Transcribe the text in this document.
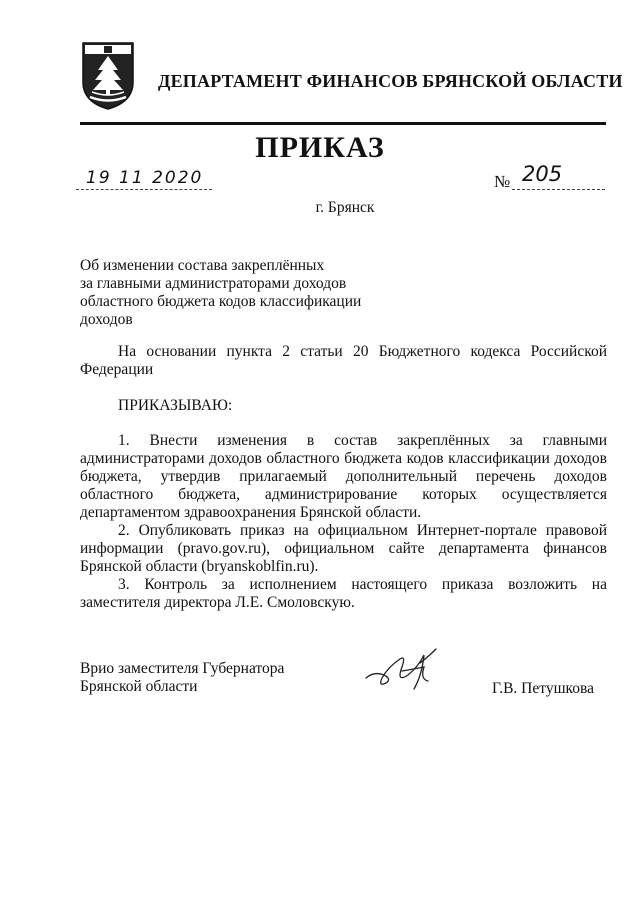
ДЕПАРТАМЕНТ ФИНАНСОВ БРЯНСКОЙ ОБЛАСТИ
ПРИКАЗ
19 11 2020	№ 205
г. Брянск
Об изменении состава закреплённых
за главными администраторами доходов
областного бюджета кодов классификации
доходов
На основании пункта 2 статьи 20 Бюджетного кодекса Российской Федерации
ПРИКАЗЫВАЮ:

1. Внести изменения в состав закреплённых за главными администраторами доходов областного бюджета кодов классификации доходов бюджета, утвердив прилагаемый дополнительный перечень доходов областного бюджета, администрирование которых осуществляется департаментом здравоохранения Брянской области.

2. Опубликовать приказ на официальном Интернет-портале правовой информации (pravo.gov.ru), официальном сайте департамента финансов Брянской области (bryanskoblfin.ru).

3. Контроль за исполнением настоящего приказа возложить на заместителя директора Л.Е. Смоловскую.

Врио заместителя Губернатора
Брянской области	Г.В. Петушкова
